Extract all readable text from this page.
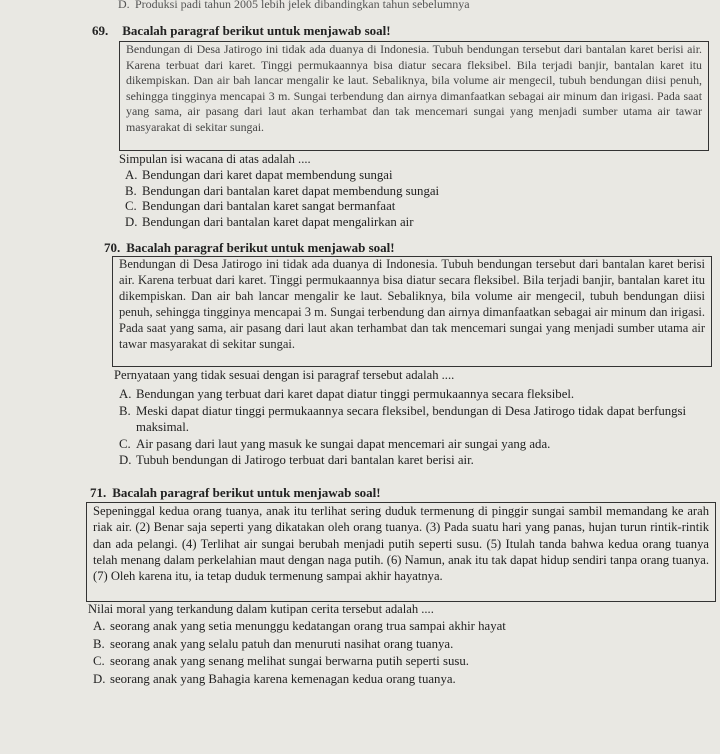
D. Produksi padi tahun 2005 lebih jelek dibandingkan tahun sebelumnya
69. Bacalah paragraf berikut untuk menjawab soal!
Bendungan di Desa Jatirogo ini tidak ada duanya di Indonesia. Tubuh bendungan tersebut dari bantalan karet berisi air. Karena terbuat dari karet. Tinggi permukaannya bisa diatur secara fleksibel. Bila terjadi banjir, bantalan karet itu dikempiskan. Dan air bah lancar mengalir ke laut. Sebaliknya, bila volume air mengecil, tubuh bendungan diisi penuh, sehingga tingginya mencapai 3 m. Sungai terbendung dan airnya dimanfaatkan sebagai air minum dan irigasi. Pada saat yang sama, air pasang dari laut akan terhambat dan tak mencemari sungai yang menjadi sumber utama air tawar masyarakat di sekitar sungai.
Simpulan isi wacana di atas adalah ....
A. Bendungan dari karet dapat membendung sungai
B. Bendungan dari bantalan karet dapat membendung sungai
C. Bendungan dari bantalan karet sangat bermanfaat
D. Bendungan dari bantalan karet dapat mengalirkan air
70. Bacalah paragraf berikut untuk menjawab soal!
Bendungan di Desa Jatirogo ini tidak ada duanya di Indonesia. Tubuh bendungan tersebut dari bantalan karet berisi air. Karena terbuat dari karet. Tinggi permukaannya bisa diatur secara fleksibel. Bila terjadi banjir, bantalan karet itu dikempiskan. Dan air bah lancar mengalir ke laut. Sebaliknya, bila volume air mengecil, tubuh bendungan diisi penuh, sehingga tingginya mencapai 3 m. Sungai terbendung dan airnya dimanfaatkan sebagai air minum dan irigasi. Pada saat yang sama, air pasang dari laut akan terhambat dan tak mencemari sungai yang menjadi sumber utama air tawar masyarakat di sekitar sungai.
Pernyataan yang tidak sesuai dengan isi paragraf tersebut adalah ....
A. Bendungan yang terbuat dari karet dapat diatur tinggi permukaannya secara fleksibel.
B. Meski dapat diatur tinggi permukaannya secara fleksibel, bendungan di Desa Jatirogo tidak dapat berfungsi maksimal.
C. Air pasang dari laut yang masuk ke sungai dapat mencemari air sungai yang ada.
D. Tubuh bendungan di Jatirogo terbuat dari bantalan karet berisi air.
71. Bacalah paragraf berikut untuk menjawab soal!
Sepeninggal kedua orang tuanya, anak itu terlihat sering duduk termenung di pinggir sungai sambil memandang ke arah riak air. (2) Benar saja seperti yang dikatakan oleh orang tuanya. (3) Pada suatu hari yang panas, hujan turun rintik-rintik dan ada pelangi. (4) Terlihat air sungai berubah menjadi putih seperti susu. (5) Itulah tanda bahwa kedua orang tuanya telah menang dalam perkelahian maut dengan naga putih. (6) Namun, anak itu tak dapat hidup sendiri tanpa orang tuanya. (7) Oleh karena itu, ia tetap duduk termenung sampai akhir hayatnya.
Nilai moral yang terkandung dalam kutipan cerita tersebut adalah ....
A. seorang anak yang setia menunggu kedatangan orang trua sampai akhir hayat
B. seorang anak yang selalu patuh dan menuruti nasihat orang tuanya.
C. seorang anak yang senang melihat sungai berwarna putih seperti susu.
D. seorang anak yang Bahagia karena kemenagan kedua orang tuanya.
